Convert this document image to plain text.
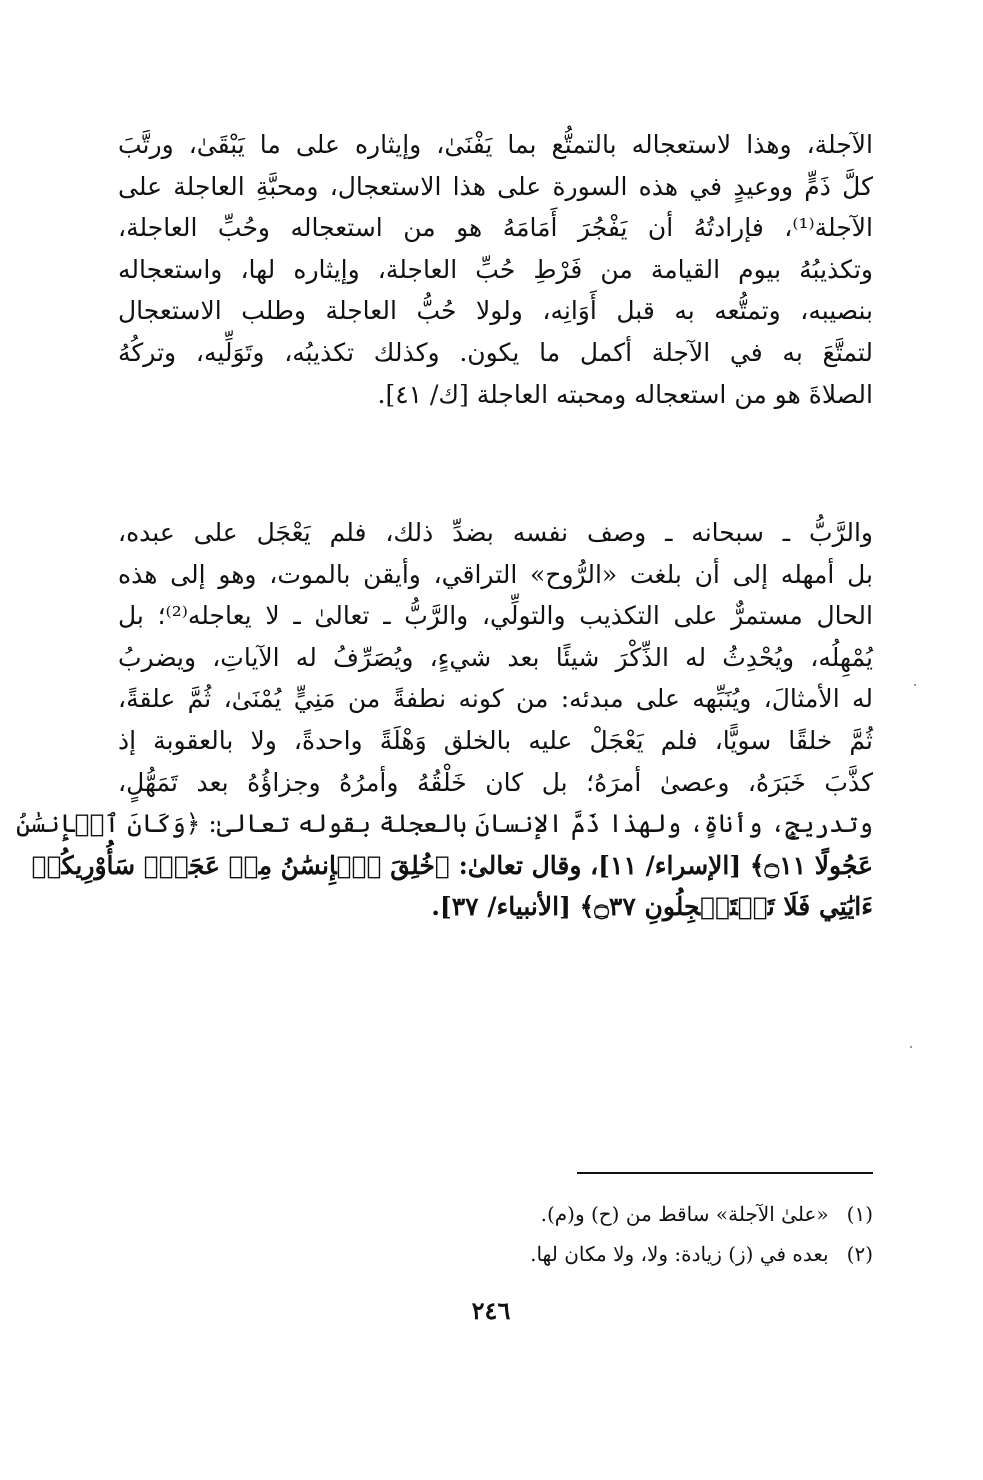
الآجلة، وهذا لاستعجاله بالتمتُّع بما يَفْنَىٰ، وإيثاره على ما يَبْقَىٰ، ورتَّبَ
كلَّ ذَمٍّ ووعيدٍ في هذه السورة على هذا الاستعجال، ومحبَّةِ العاجلة على
الآجلة⁽¹⁾، فإرادتُهُ أن يَفْجُرَ أَمَامَهُ هو من استعجاله وحُبِّ العاجلة،
وتكذيبُهُ بيوم القيامة من فَرْطِ حُبِّ العاجلة، وإيثاره لها، واستعجاله
بنصيبه، وتمتُّعه به قبل أَوَانِه، ولولا حُبُّ العاجلة وطلب الاستعجال
لتمتَّعَ به في الآجلة أكمل ما يكون. وكذلك تكذيبُه، وتَوَلِّيه، وتركُهُ
الصلاةَ هو من استعجاله ومحبته العاجلة [ك/ ٤١].
والرَّبُّ ـ سبحانه ـ وصف نفسه بضدِّ ذلك، فلم يَعْجَل على عبده،
بل أمهله إلى أن بلغت «الرُّوح» التراقي، وأيقن بالموت، وهو إلى هذه
الحال مستمرٌّ على التكذيب والتولِّي، والرَّبُّ ـ تعالىٰ ـ لا يعاجله⁽²⁾؛ بل
يُمْهِلُه، ويُحْدِثُ له الذِّكْرَ شيئًا بعد شيءٍ، ويُصَرِّفُ له الآياتِ، ويضربُ
له الأمثالَ، ويُنَبِّهه على مبدئه: من كونه نطفةً من مَنِيٍّ يُمْنَىٰ، ثُمَّ علقةً،
ثُمَّ خلقًا سويًّا، فلم يَعْجَلْ عليه بالخلق وَهْلَةً واحدةً، ولا بالعقوبة إذ
كذَّبَ خَبَرَهُ، وعصىٰ أمرَهُ؛ بل كان خَلْقُهُ وأمرُهُ وجزاؤُهُ بعد تَمَهُّلٍ،
وتدريجٍ، وأناةٍ، ولهذا ذَمَّ الإنسانَ بالعجلة بقوله تعالىٰ: ﴿وَكَانَ ٱلۡإِنسَٰنُ
عَجُولًا ۝١١﴾ [الإسراء/ ١١]، وقال تعالىٰ: ﴿خُلِقَ ٱلۡإِنسَٰنُ مِنۡ عَجَلٖۚ سَأُوْرِيكُمۡ
ءَايَٰتِي فَلَا تَسۡتَعۡجِلُونِ ۝٣٧﴾ [الأنبياء/ ٣٧].
(١)«علىٰ الآجلة» ساقط من (ح) و(م).
(٢)بعده في (ز) زيادة: ولا، ولا مكان لها.
٢٤٦
